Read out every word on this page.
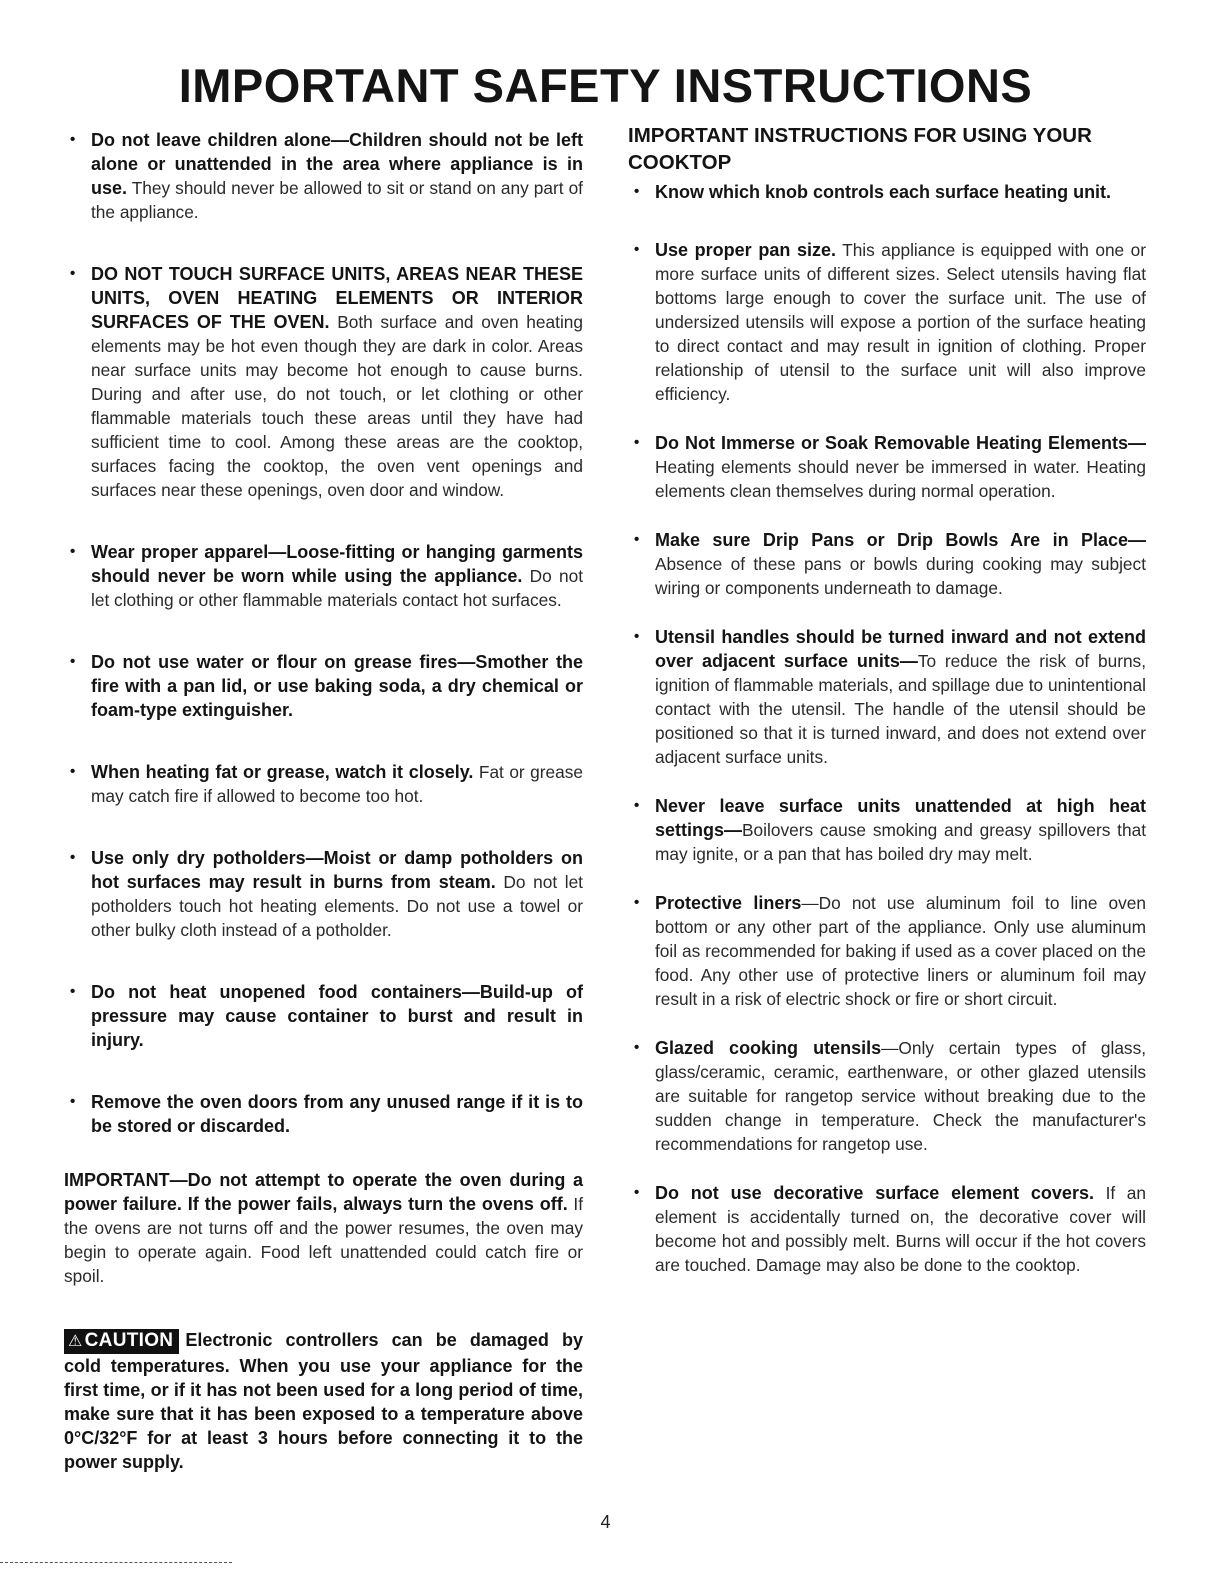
IMPORTANT SAFETY INSTRUCTIONS
• Do not leave children alone—Children should not be left alone or unattended in the area where appliance is in use. They should never be allowed to sit or stand on any part of the appliance.
• DO NOT TOUCH SURFACE UNITS, AREAS NEAR THESE UNITS, OVEN HEATING ELEMENTS OR INTERIOR SURFACES OF THE OVEN. Both surface and oven heating elements may be hot even though they are dark in color. Areas near surface units may become hot enough to cause burns. During and after use, do not touch, or let clothing or other flammable materials touch these areas until they have had sufficient time to cool. Among these areas are the cooktop, surfaces facing the cooktop, the oven vent openings and surfaces near these openings, oven door and window.
• Wear proper apparel—Loose-fitting or hanging garments should never be worn while using the appliance. Do not let clothing or other flammable materials contact hot surfaces.
• Do not use water or flour on grease fires—Smother the fire with a pan lid, or use baking soda, a dry chemical or foam-type extinguisher.
• When heating fat or grease, watch it closely. Fat or grease may catch fire if allowed to become too hot.
• Use only dry potholders—Moist or damp potholders on hot surfaces may result in burns from steam. Do not let potholders touch hot heating elements. Do not use a towel or other bulky cloth instead of a potholder.
• Do not heat unopened food containers—Build-up of pressure may cause container to burst and result in injury.
• Remove the oven doors from any unused range if it is to be stored or discarded.
IMPORTANT—Do not attempt to operate the oven during a power failure. If the power fails, always turn the ovens off. If the ovens are not turns off and the power resumes, the oven may begin to operate again. Food left unattended could catch fire or spoil.
⚠ CAUTION Electronic controllers can be damaged by cold temperatures. When you use your appliance for the first time, or if it has not been used for a long period of time, make sure that it has been exposed to a temperature above 0°C/32°F for at least 3 hours before connecting it to the power supply.
IMPORTANT INSTRUCTIONS FOR USING YOUR COOKTOP
• Know which knob controls each surface heating unit.
• Use proper pan size. This appliance is equipped with one or more surface units of different sizes. Select utensils having flat bottoms large enough to cover the surface unit. The use of undersized utensils will expose a portion of the surface heating to direct contact and may result in ignition of clothing. Proper relationship of utensil to the surface unit will also improve efficiency.
• Do Not Immerse or Soak Removable Heating Elements— Heating elements should never be immersed in water. Heating elements clean themselves during normal operation.
• Make sure Drip Pans or Drip Bowls Are in Place— Absence of these pans or bowls during cooking may subject wiring or components underneath to damage.
• Utensil handles should be turned inward and not extend over adjacent surface units—To reduce the risk of burns, ignition of flammable materials, and spillage due to unintentional contact with the utensil. The handle of the utensil should be positioned so that it is turned inward, and does not extend over adjacent surface units.
• Never leave surface units unattended at high heat settings—Boilovers cause smoking and greasy spillovers that may ignite, or a pan that has boiled dry may melt.
• Protective liners—Do not use aluminum foil to line oven bottom or any other part of the appliance. Only use aluminum foil as recommended for baking if used as a cover placed on the food. Any other use of protective liners or aluminum foil may result in a risk of electric shock or fire or short circuit.
• Glazed cooking utensils—Only certain types of glass, glass/ceramic, ceramic, earthenware, or other glazed utensils are suitable for rangetop service without breaking due to the sudden change in temperature. Check the manufacturer's recommendations for rangetop use.
• Do not use decorative surface element covers. If an element is accidentally turned on, the decorative cover will become hot and possibly melt. Burns will occur if the hot covers are touched. Damage may also be done to the cooktop.
4
